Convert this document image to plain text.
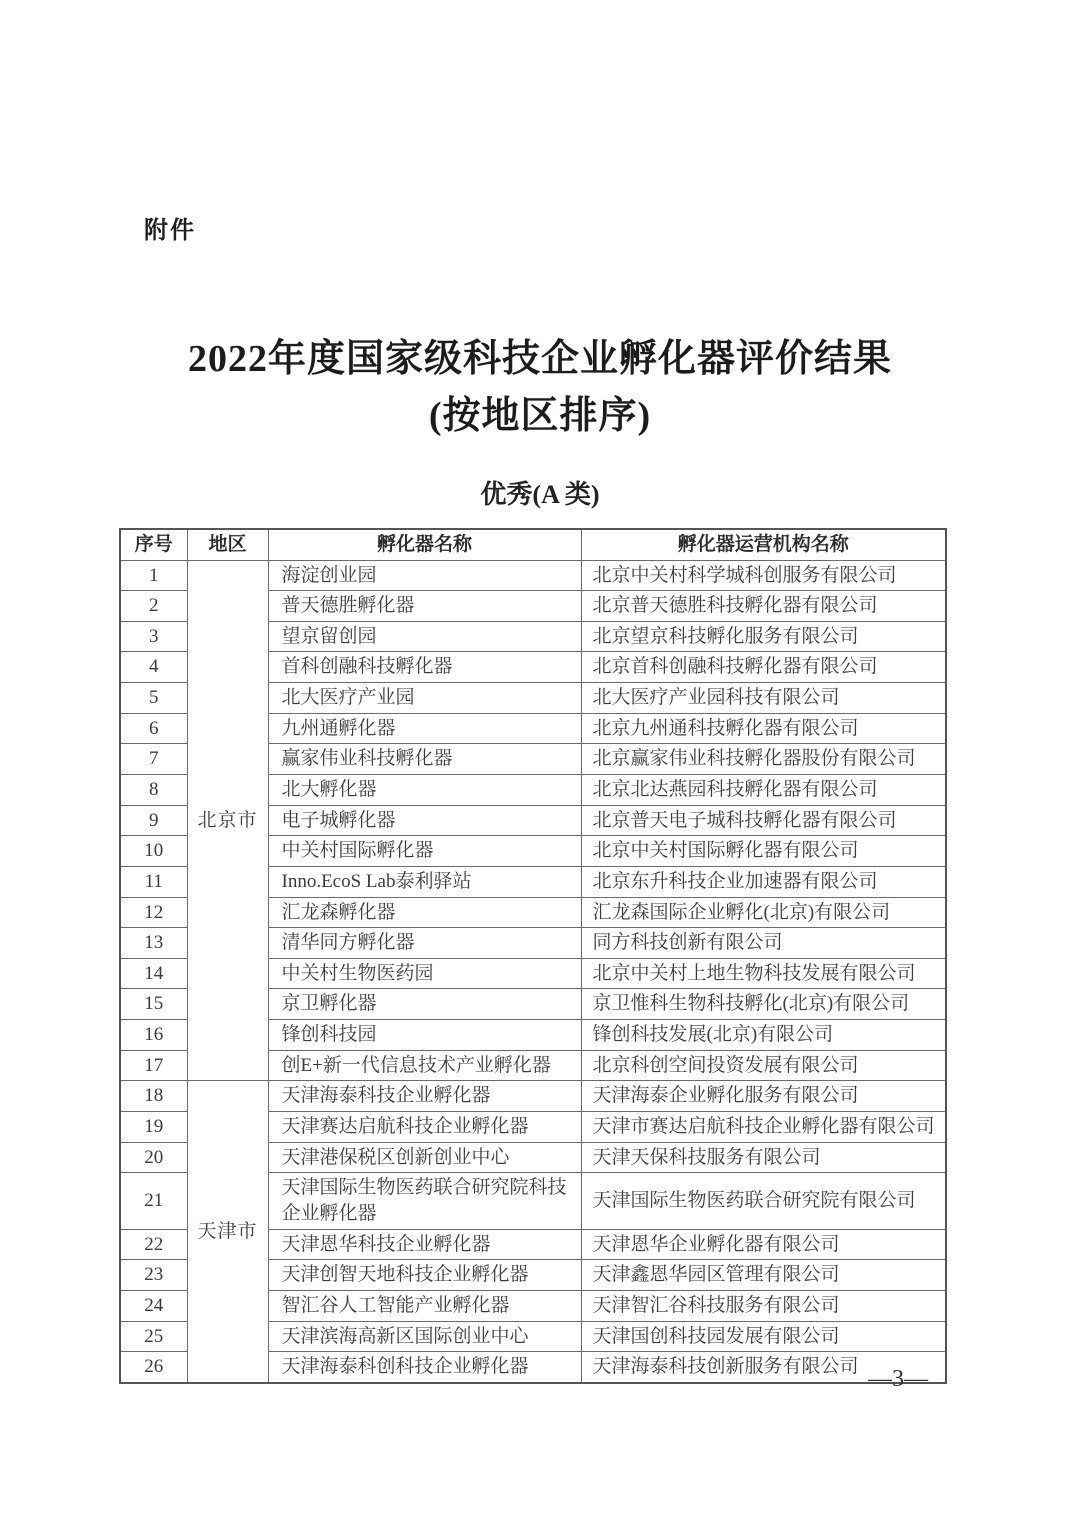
附件
2022年度国家级科技企业孵化器评价结果
(按地区排序)
优秀(A 类)
序号	地区	孵化器名称	孵化器运营机构名称
1	北京市	海淀创业园	北京中关村科学城科创服务有限公司
2		普天德胜孵化器	北京普天德胜科技孵化器有限公司
3		望京留创园	北京望京科技孵化服务有限公司
4		首科创融科技孵化器	北京首科创融科技孵化器有限公司
5		北大医疗产业园	北大医疗产业园科技有限公司
6		九州通孵化器	北京九州通科技孵化器有限公司
7		赢家伟业科技孵化器	北京赢家伟业科技孵化器股份有限公司
8		北大孵化器	北京北达燕园科技孵化器有限公司
9		电子城孵化器	北京普天电子城科技孵化器有限公司
10		中关村国际孵化器	北京中关村国际孵化器有限公司
11		Inno.EcoS Lab泰利驿站	北京东升科技企业加速器有限公司
12		汇龙森孵化器	汇龙森国际企业孵化(北京)有限公司
13		清华同方孵化器	同方科技创新有限公司
14		中关村生物医药园	北京中关村上地生物科技发展有限公司
15		京卫孵化器	京卫惟科生物科技孵化(北京)有限公司
16		锋创科技园	锋创科技发展(北京)有限公司
17		创E+新一代信息技术产业孵化器	北京科创空间投资发展有限公司
18	天津市	天津海泰科技企业孵化器	天津海泰企业孵化服务有限公司
19		天津赛达启航科技企业孵化器	天津市赛达启航科技企业孵化器有限公司
20		天津港保税区创新创业中心	天津天保科技服务有限公司
21		天津国际生物医药联合研究院科技企业孵化器	天津国际生物医药联合研究院有限公司
22		天津恩华科技企业孵化器	天津恩华企业孵化器有限公司
23		天津创智天地科技企业孵化器	天津鑫恩华园区管理有限公司
24		智汇谷人工智能产业孵化器	天津智汇谷科技服务有限公司
25		天津滨海高新区国际创业中心	天津国创科技园发展有限公司
26		天津海泰科创科技企业孵化器	天津海泰科技创新服务有限公司 —3—
